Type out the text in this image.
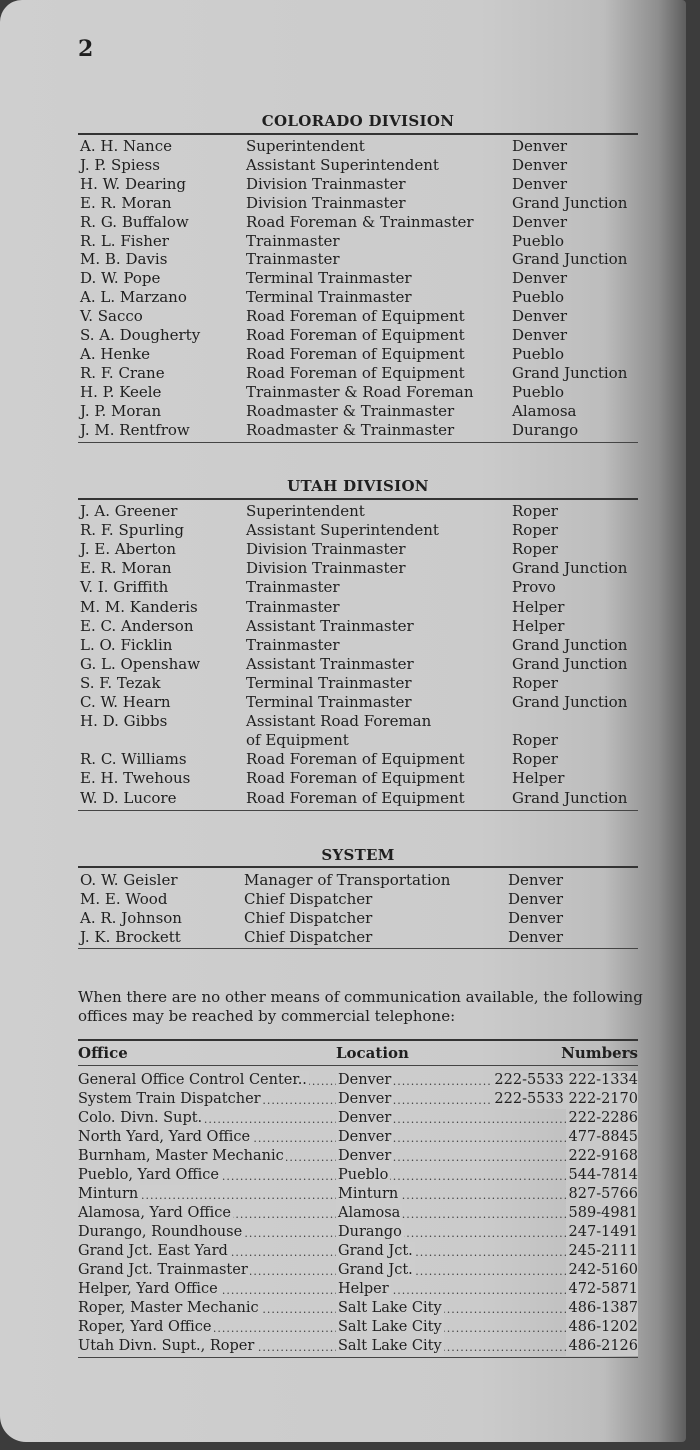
2
COLORADO DIVISION
A. H. Nance	Superintendent	Denver
J. P. Spiess	Assistant Superintendent	Denver
H. W. Dearing	Division Trainmaster	Denver
E. R. Moran	Division Trainmaster	Grand Junction
R. G. Buffalow	Road Foreman & Trainmaster	Denver
R. L. Fisher	Trainmaster	Pueblo
M. B. Davis	Trainmaster	Grand Junction
D. W. Pope	Terminal Trainmaster	Denver
A. L. Marzano	Terminal Trainmaster	Pueblo
V. Sacco	Road Foreman of Equipment	Denver
S. A. Dougherty	Road Foreman of Equipment	Denver
A. Henke	Road Foreman of Equipment	Pueblo
R. F. Crane	Road Foreman of Equipment	Grand Junction
H. P. Keele	Trainmaster & Road Foreman	Pueblo
J. P. Moran	Roadmaster & Trainmaster	Alamosa
J. M. Rentfrow	Roadmaster & Trainmaster	Durango
UTAH DIVISION
J. A. Greener	Superintendent	Roper
R. F. Spurling	Assistant Superintendent	Roper
J. E. Aberton	Division Trainmaster	Roper
E. R. Moran	Division Trainmaster	Grand Junction
V. I. Griffith	Trainmaster	Provo
M. M. Kanderis	Trainmaster	Helper
E. C. Anderson	Assistant Trainmaster	Helper
L. O. Ficklin	Trainmaster	Grand Junction
G. L. Openshaw	Assistant Trainmaster	Grand Junction
S. F. Tezak	Terminal Trainmaster	Roper
C. W. Hearn	Terminal Trainmaster	Grand Junction
H. D. Gibbs	Assistant Road Foreman
of Equipment	Roper
R. C. Williams	Road Foreman of Equipment	Roper
E. H. Twehous	Road Foreman of Equipment	Helper
W. D. Lucore	Road Foreman of Equipment	Grand Junction
SYSTEM
O. W. Geisler	Manager of Transportation	Denver
M. E. Wood	Chief Dispatcher	Denver
A. R. Johnson	Chief Dispatcher	Denver
J. K. Brockett	Chief Dispatcher	Denver
When there are no other means of communication available, the following offices may be reached by commercial telephone:
Office	Location	Numbers
General Office Control Center.. Denver	222-5533 222-1334
System Train Dispatcher	Denver	222-5533 222-2170
Colo. Divn. Supt.	Denver	222-2286
North Yard, Yard Office	Denver	477-8845
Burnham, Master Mechanic	Denver	222-9168
Pueblo, Yard Office	Pueblo	544-7814
Minturn	Minturn	827-5766
Alamosa, Yard Office	Alamosa	589-4981
Durango, Roundhouse	Durango	247-1491
Grand Jct. East Yard	Grand Jct.	245-2111
Grand Jct. Trainmaster	Grand Jct.	242-5160
Helper, Yard Office	Helper	472-5871
Roper, Master Mechanic	Salt Lake City	486-1387
Roper, Yard Office	Salt Lake City	486-1202
Utah Divn. Supt., Roper	Salt Lake City	486-2126
